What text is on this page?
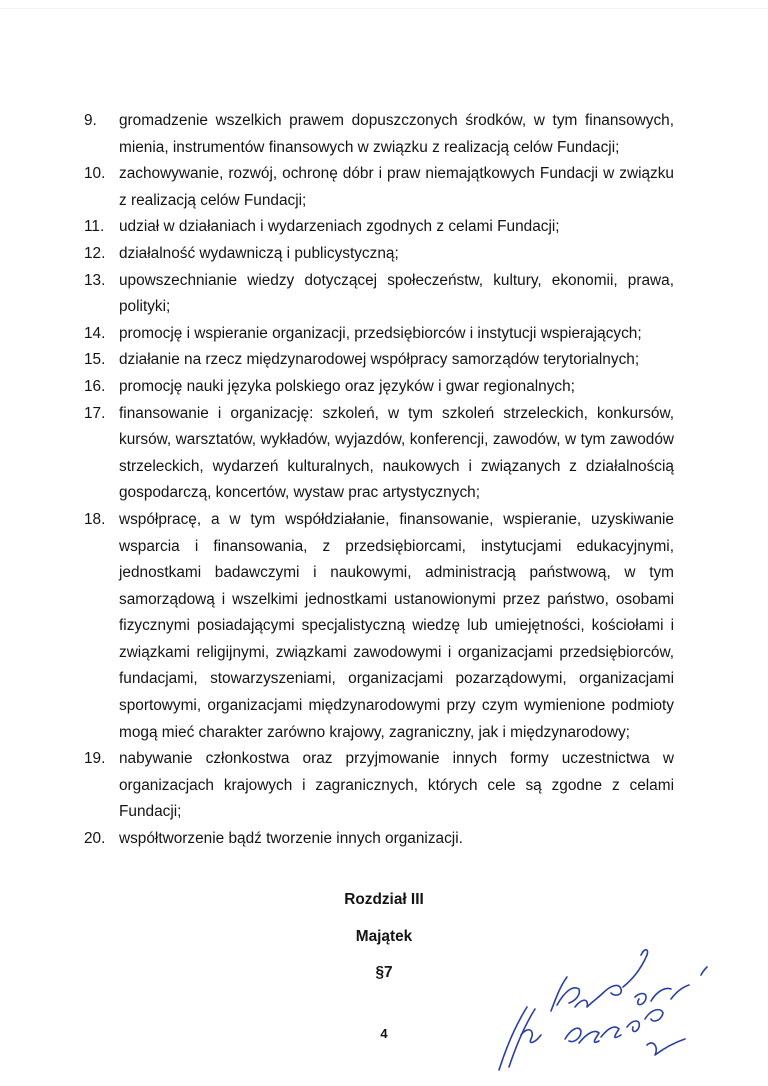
9.	gromadzenie wszelkich prawem dopuszczonych środków, w tym finansowych, mienia, instrumentów finansowych w związku z realizacją celów Fundacji;
10. zachowywanie, rozwój, ochronę dóbr i praw niemajątkowych Fundacji w związku z realizacją celów Fundacji;
11. udział w działaniach i wydarzeniach zgodnych z celami Fundacji;
12. działalność wydawniczą i publicystyczną;
13. upowszechnianie wiedzy dotyczącej społeczeństw, kultury, ekonomii, prawa, polityki;
14. promocję i wspieranie organizacji, przedsiębiorców i instytucji wspierających;
15. działanie na rzecz międzynarodowej współpracy samorządów terytorialnych;
16. promocję nauki języka polskiego oraz języków i gwar regionalnych;
17. finansowanie i organizację: szkoleń, w tym szkoleń strzeleckich, konkursów, kursów, warsztatów, wykładów, wyjazdów, konferencji, zawodów, w tym zawodów strzeleckich, wydarzeń kulturalnych, naukowych i związanych z działalnością gospodarczą, koncertów, wystaw prac artystycznych;
18. współpracę, a w tym współdziałanie, finansowanie, wspieranie, uzyskiwanie wsparcia i finansowania, z przedsiębiorcami, instytucjami edukacyjnymi, jednostkami badawczymi i naukowymi, administracją państwową, w tym samorządową i wszelkimi jednostkami ustanowionymi przez państwo, osobami fizycznymi posiadającymi specjalistyczną wiedzę lub umiejętności, kościołami i związkami religijnymi, związkami zawodowymi i organizacjami przedsiębiorców, fundacjami, stowarzyszeniami, organizacjami pozarządowymi, organizacjami sportowymi, organizacjami międzynarodowymi przy czym wymienione podmioty mogą mieć charakter zarówno krajowy, zagraniczny, jak i międzynarodowy;
19. nabywanie członkostwa oraz przyjmowanie innych formy uczestnictwa w organizacjach krajowych i zagranicznych, których cele są zgodne z celami Fundacji;
20. współtworzenie bądź tworzenie innych organizacji.
Rozdział III
Majątek
§7
4
